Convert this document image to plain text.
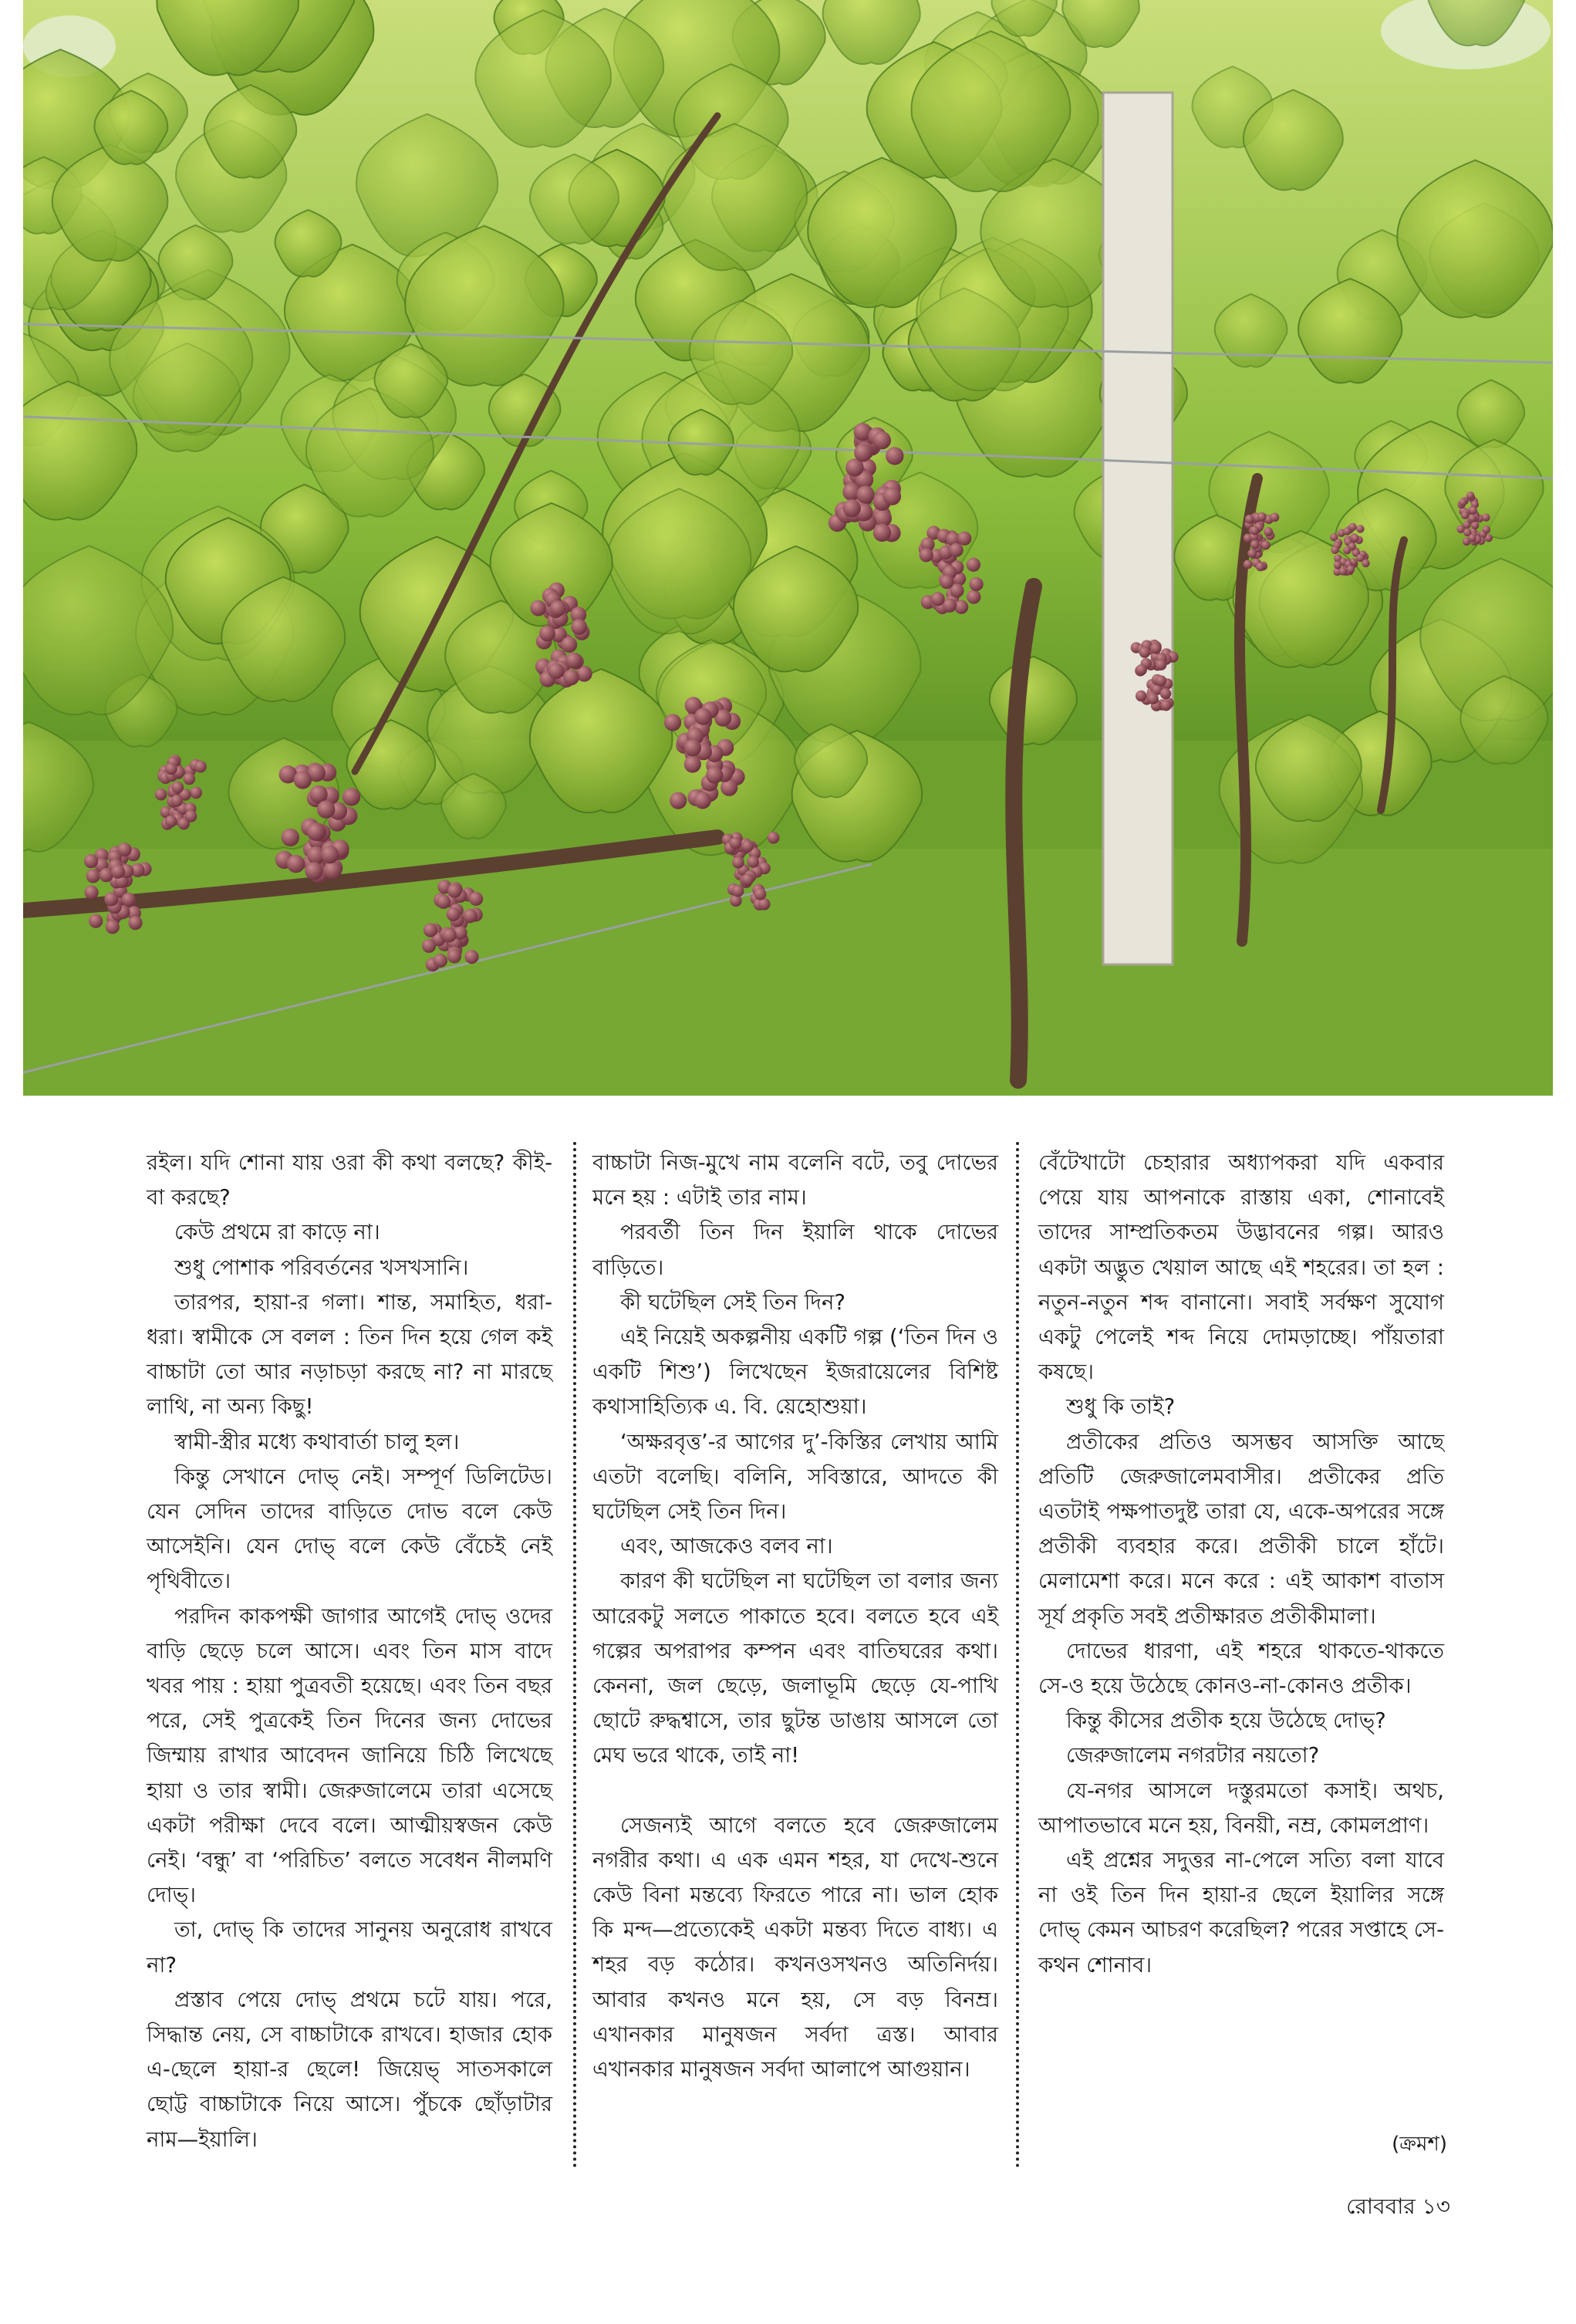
রইল। যদি শোনা যায় ওরা কী কথা বলছে? কীই-বা করছে?

কেউ প্রথমে রা কাড়ে না।

শুধু পোশাক পরিবর্তনের খসখসানি।

তারপর, হায়া-র গলা। শান্ত, সমাহিত, ধরা-ধরা। স্বামীকে সে বলল : তিন দিন হয়ে গেল কই বাচ্চাটা তো আর নড়াচড়া করছে না? না মারছে লাথি, না অন্য কিছু!

স্বামী-স্ত্রীর মধ্যে কথাবার্তা চালু হল।

কিন্তু সেখানে দোভ্ নেই। সম্পূর্ণ ডিলিটেড। যেন সেদিন তাদের বাড়িতে দোভ বলে কেউ আসেইনি। যেন দোভ্ বলে কেউ বেঁচেই নেই পৃথিবীতে।

পরদিন কাকপক্ষী জাগার আগেই দোভ্ ওদের বাড়ি ছেড়ে চলে আসে। এবং তিন মাস বাদে খবর পায় : হায়া পুত্রবতী হয়েছে। এবং তিন বছর পরে, সেই পুত্রকেই তিন দিনের জন্য দোভের জিম্মায় রাখার আবেদন জানিয়ে চিঠি লিখেছে হায়া ও তার স্বামী। জেরুজালেমে তারা এসেছে একটা পরীক্ষা দেবে বলে। আত্মীয়স্বজন কেউ নেই। ‘বন্ধু’ বা ‘পরিচিত’ বলতে সবেধন নীলমণি দোভ্।

তা, দোভ্ কি তাদের সানুনয় অনুরোধ রাখবে না?

প্রস্তাব পেয়ে দোভ্ প্রথমে চটে যায়। পরে, সিদ্ধান্ত নেয়, সে বাচ্চাটাকে রাখবে। হাজার হোক এ-ছেলে হায়া-র ছেলে! জিয়েভ্ সাতসকালে ছোট্ট বাচ্চাটাকে নিয়ে আসে। পুঁচকে ছোঁড়াটার নাম—ইয়ালি।

বাচ্চাটা নিজ-মুখে নাম বলেনি বটে, তবু দোভের মনে হয় : এটাই তার নাম।

পরবর্তী তিন দিন ইয়ালি থাকে দোভের বাড়িতে।

কী ঘটেছিল সেই তিন দিন?

এই নিয়েই অকল্পনীয় একটি গল্প (‘তিন দিন ও একটি শিশু’) লিখেছেন ইজরায়েলের বিশিষ্ট কথাসাহিত্যিক এ. বি. য়েহোশুয়া।

‘অক্ষরবৃত্ত’-র আগের দু’-কিস্তির লেখায় আমি এতটা বলেছি। বলিনি, সবিস্তারে, আদতে কী ঘটেছিল সেই তিন দিন।

এবং, আজকেও বলব না।

কারণ কী ঘটেছিল না ঘটেছিল তা বলার জন্য আরেকটু সলতে পাকাতে হবে। বলতে হবে এই গল্পের অপরাপর কম্পন এবং বাতিঘরের কথা। কেননা, জল ছেড়ে, জলাভূমি ছেড়ে যে-পাখি ছোটে রুদ্ধশ্বাসে, তার ছুটন্ত ডাঙায় আসলে তো মেঘ ভরে থাকে, তাই না!

সেজন্যই আগে বলতে হবে জেরুজালেম নগরীর কথা। এ এক এমন শহর, যা দেখে-শুনে কেউ বিনা মন্তব্যে ফিরতে পারে না। ভাল হোক কি মন্দ—প্রত্যেকেই একটা মন্তব্য দিতে বাধ্য। এ শহর বড় কঠোর। কখনওসখনও অতিনির্দয়। আবার কখনও মনে হয়, সে বড় বিনম্র। এখানকার মানুষজন সর্বদা ত্রস্ত। আবার এখানকার মানুষজন সর্বদা আলাপে আগুয়ান।

বেঁটেখাটো চেহারার অধ্যাপকরা যদি একবার পেয়ে যায় আপনাকে রাস্তায় একা, শোনাবেই তাদের সাম্প্রতিকতম উদ্ভাবনের গল্প। আরও একটা অদ্ভুত খেয়াল আছে এই শহরের। তা হল : নতুন-নতুন শব্দ বানানো। সবাই সর্বক্ষণ সুযোগ একটু পেলেই শব্দ নিয়ে দোমড়াচ্ছে। পাঁয়তারা কষছে।

শুধু কি তাই?

প্রতীকের প্রতিও অসম্ভব আসক্তি আছে প্রতিটি জেরুজালেমবাসীর। প্রতীকের প্রতি এতটাই পক্ষপাতদুষ্ট তারা যে, একে-অপরের সঙ্গে প্রতীকী ব্যবহার করে। প্রতীকী চালে হাঁটে। মেলামেশা করে। মনে করে : এই আকাশ বাতাস সূর্য প্রকৃতি সবই প্রতীক্ষারত প্রতীকীমালা।

দোভের ধারণা, এই শহরে থাকতে-থাকতে সে-ও হয়ে উঠেছে কোনও-না-কোনও প্রতীক।

কিন্তু কীসের প্রতীক হয়ে উঠেছে দোভ্?

জেরুজালেম নগরটার নয়তো?

যে-নগর আসলে দস্তুরমতো কসাই। অথচ, আপাতভাবে মনে হয়, বিনয়ী, নম্র, কোমলপ্রাণ।

এই প্রশ্নের সদুত্তর না-পেলে সত্যি বলা যাবে না ওই তিন দিন হায়া-র ছেলে ইয়ালির সঙ্গে দোভ্ কেমন আচরণ করেছিল? পরের সপ্তাহে সে-কথন শোনাব।

(ক্রমশ)
রোববার ১৩
